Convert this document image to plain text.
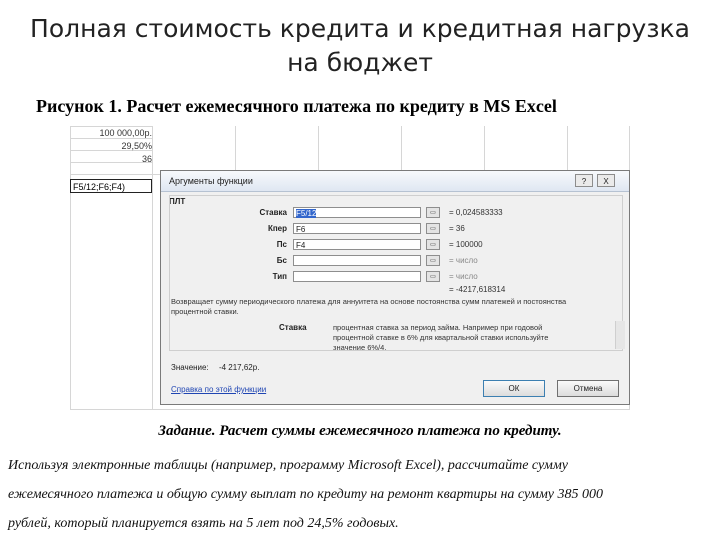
Полная стоимость кредита и кредитная нагрузка
на бюджет
Рисунок 1. Расчет ежемесячного платежа по кредиту в MS Excel
100 000,00р.
29,50%
36
F5/12;F6;F4)
Аргументы функции	?	X
ПЛТ
Ставка	F5/12	▭	= 0,024583333
Кпер	F6	▭	= 36
Пс	F4	▭	= 100000
Бс	▭	= число
Тип	▭	= число
= -4217,618314
Возвращает сумму периодического платежа для аннуитета на основе постоянства сумм платежей и постоянства процентной ставки.
Ставка	процентная ставка за период займа. Например при годовой процентной ставке в 6% для квартальной ставки используйте значение 6%/4.
Значение: -4 217,62р.
Справка по этой функции	ОК	Отмена
Задание. Расчет суммы ежемесячного платежа по кредиту.
Используя электронные таблицы (например, программу Microsoft Excel), рассчитайте сумму
ежемесячного платежа и общую сумму выплат по кредиту на ремонт квартиры на сумму 385 000
рублей, который планируется взять на 5 лет под 24,5% годовых.
